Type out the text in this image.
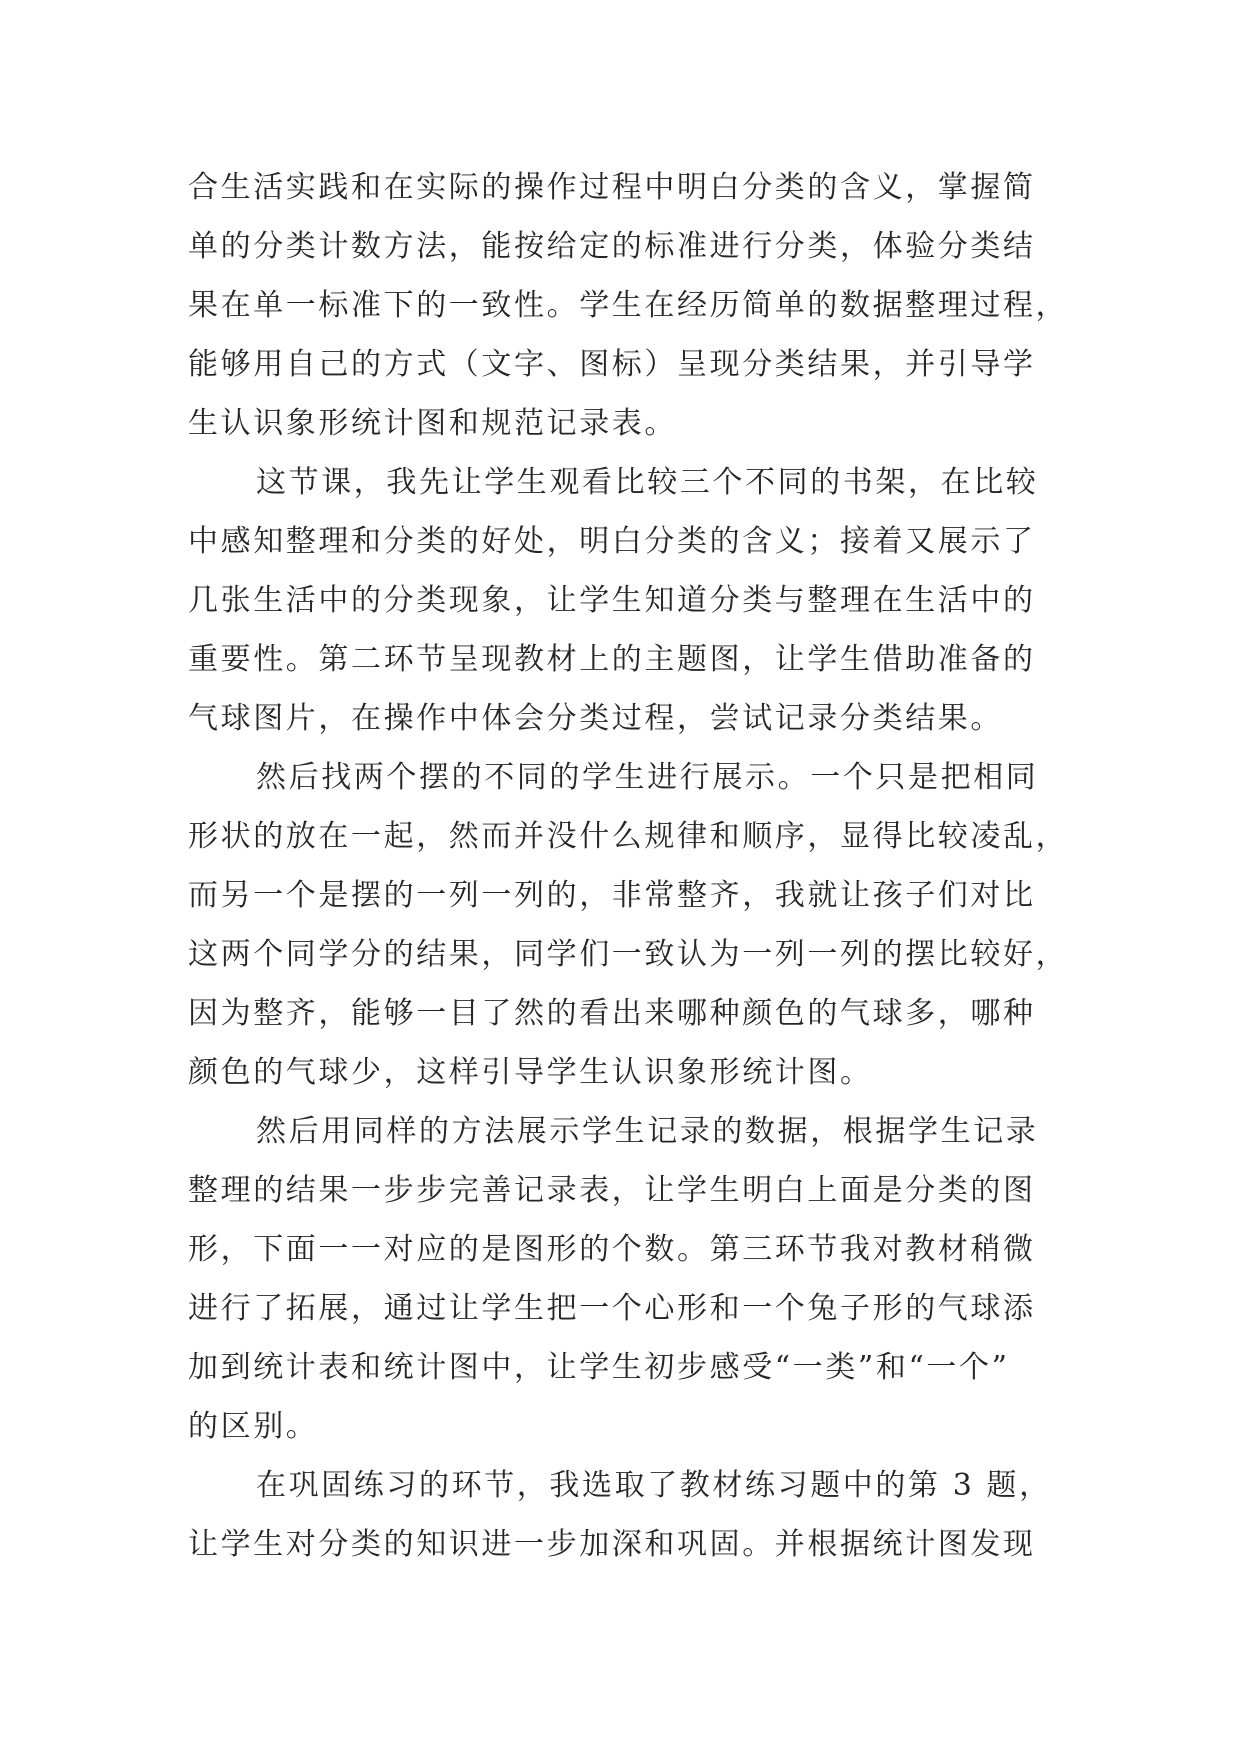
合生活实践和在实际的操作过程中明白分类的含义，掌握简
单的分类计数方法，能按给定的标准进行分类，体验分类结
果在单一标准下的一致性。学生在经历简单的数据整理过程，
能够用自己的方式（文字、图标）呈现分类结果，并引导学
生认识象形统计图和规范记录表。
这节课，我先让学生观看比较三个不同的书架，在比较
中感知整理和分类的好处，明白分类的含义；接着又展示了
几张生活中的分类现象，让学生知道分类与整理在生活中的
重要性。第二环节呈现教材上的主题图，让学生借助准备的
气球图片，在操作中体会分类过程，尝试记录分类结果。
然后找两个摆的不同的学生进行展示。一个只是把相同
形状的放在一起，然而并没什么规律和顺序，显得比较凌乱，
而另一个是摆的一列一列的，非常整齐，我就让孩子们对比
这两个同学分的结果，同学们一致认为一列一列的摆比较好，
因为整齐，能够一目了然的看出来哪种颜色的气球多，哪种
颜色的气球少，这样引导学生认识象形统计图。
然后用同样的方法展示学生记录的数据，根据学生记录
整理的结果一步步完善记录表，让学生明白上面是分类的图
形，下面一一对应的是图形的个数。第三环节我对教材稍微
进行了拓展，通过让学生把一个心形和一个兔子形的气球添
加到统计表和统计图中，让学生初步感受“一类”和“一个”
的区别。
在巩固练习的环节，我选取了教材练习题中的第 3 题，
让学生对分类的知识进一步加深和巩固。并根据统计图发现
